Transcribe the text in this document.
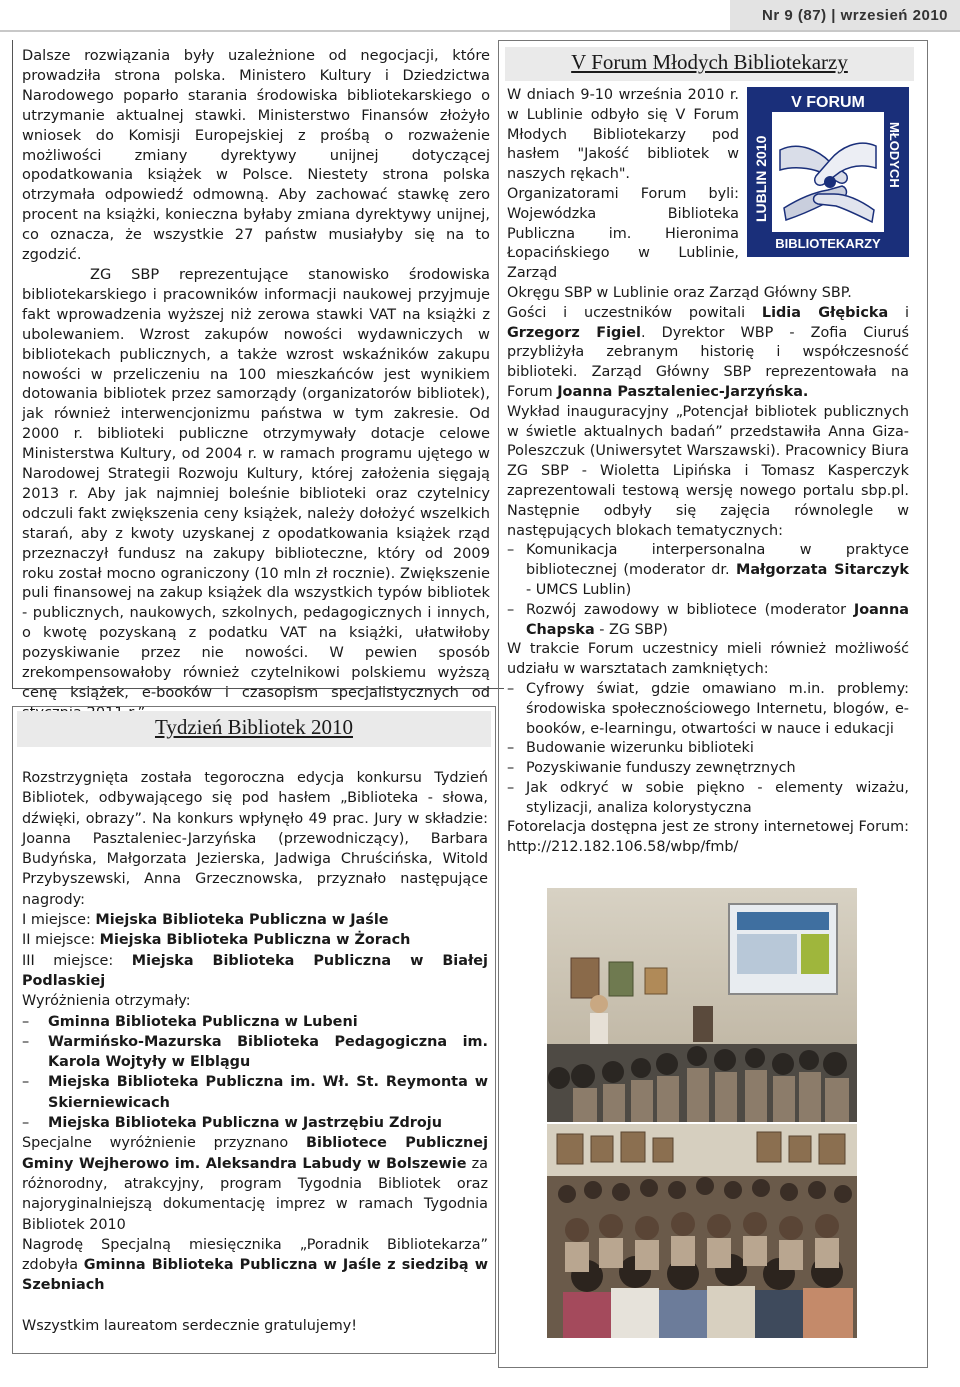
Nr 9 (87) | wrzesień 2010

Dalsze rozwiązania były uzależnione od negocjacji, które prowadziła strona polska. Ministero Kultury i Dziedzictwa Narodowego poparło starania środowiska bibliotekarskiego o utrzymanie aktualnej stawki. Ministerstwo Finansów złożyło wniosek do Komisji Europejskiej z prośbą o rozważenie możliwości zmiany dyrektywy unijnej dotyczącej opodatkowania książek w Polsce. Niestety strona polska otrzymała odpowiedź odmowną. Aby zachować stawkę zero procent na książki, konieczna byłaby zmiana dyrektywy unijnej, co oznacza, że wszystkie 27 państw musiałyby się na to zgodzić.

ZG SBP reprezentujące stanowisko środowiska bibliotekarskiego i pracowników informacji naukowej przyjmuje fakt wprowadzenia wyższej niż zerowa stawki VAT na książki z ubolewaniem. Wzrost zakupów nowości wydawniczych w bibliotekach publicznych, a także wzrost wskaźników zakupu nowości w przeliczeniu na 100 mieszkańców jest wynikiem dotowania bibliotek przez samorządy (organizatorów bibliotek), jak również interwencjonizmu państwa w tym zakresie. Od 2000 r. biblioteki publiczne otrzymywały dotacje celowe Ministerstwa Kultury, od 2004 r. w ramach programu ujętego w Narodowej Strategii Rozwoju Kultury, której założenia sięgają 2013 r. Aby jak najmniej boleśnie biblioteki oraz czytelnicy odczuli fakt zwiększenia ceny książek, należy dołożyć wszelkich starań, aby z kwoty uzyskanej z opodatkowania książek rząd przeznaczył fundusz na zakupy biblioteczne, który od 2009 roku został mocno ograniczony (10 mln zł rocznie). Zwiększenie puli finansowej na zakup książek dla wszystkich typów bibliotek - publicznych, naukowych, szkolnych, pedagogicznych i innych, o kwotę pozyskaną z podatku VAT na książki, ułatwiłoby pozyskiwanie przez nie nowości. W pewien sposób zrekompensowałoby również czytelnikowi polskiemu wyższą cenę książek, e-booków i czasopism specjalistycznych od

Tydzień Bibliotek 2010

Rozstrzygnięta została tegoroczna edycja konkursu Tydzień Bibliotek, odbywającego się pod hasłem „Biblioteka - słowa, dźwięki, obrazy”. Na konkurs wpłynęło 49 prac. Jury w składzie: Joanna Pasztaleniec-Jarzyńska (przewodniczący), Barbara Budyńska, Małgorzata Jezierska, Jadwiga Chruścińska, Witold Przybyszewski, Anna Grzecznowska, przyznało następujące nagrody:

I miejsce: Miejska Biblioteka Publiczna w Jaśle

II miejsce: Miejska Biblioteka Publiczna w Żorach

III miejsce: Miejska Biblioteka Publiczna w Białej Podlaskiej

Wyróżnienia otrzymały:

– Gminna Biblioteka Publiczna w Lubeni
– Warmińsko-Mazurska Biblioteka Pedagogiczna im. Karola Wojtyły w Elblągu
– Miejska Biblioteka Publiczna im. Wł. St. Reymonta w Skierniewicach
– Miejska Biblioteka Publiczna w Jastrzębiu Zdroju

Specjalne wyróżnienie przyznano Bibliotece Publicznej Gminy Wejherowo im. Aleksandra Labudy w Bolszewie za różnorodny, atrakcyjny, program Tygodnia Bibliotek oraz najoryginalniejszą dokumentację imprez w ramach Tygodnia Bibliotek 2010

Nagrodę Specjalną miesięcznika „Poradnik Bibliotekarza” zdobyła Gminna Biblioteka Publiczna w Jaśle z siedzibą w Szebniach

Wszystkim laureatom serdecznie gratulujemy!

V Forum Młodych Bibliotekarzy
V FORUM
LUBLIN 2010	MŁODYCH
BIBLIOTEKARZY

W dniach 9-10 września 2010 r. w Lublinie odbyło się V Forum Młodych Bibliotekarzy pod hasłem "Jakość bibliotek w naszych rękach".

Organizatorami Forum byli: Wojewódzka Biblioteka Publiczna im. Hieronima Łopacińskiego w Lublinie, Zarząd

Okręgu SBP w Lublinie oraz Zarząd Główny SBP.

Gości i uczestników powitali Lidia Głębicka i Grzegorz Figiel. Dyrektor WBP - Zofia Ciuruś przybliżyła zebranym historię i współczesność biblioteki. Zarząd Główny SBP reprezentowała na Forum Joanna Pasztaleniec-Jarzyńska.

Wykład inauguracyjny „Potencjał bibliotek publicznych w świetle aktualnych badań” przedstawiła Anna Giza-Poleszczuk (Uniwersytet Warszawski). Pracownicy Biura ZG SBP - Wioletta Lipińska i Tomasz Kasperczyk zaprezentowali testową wersję nowego portalu sbp.pl. Następnie odbyły się zajęcia równolegle w następujących blokach tematycznych:

– Komunikacja interpersonalna w praktyce bibliotecznej (moderator dr. Małgorzata Sitarczyk - UMCS Lublin)
– Rozwój zawodowy w bibliotece (moderator Joanna Chapska - ZG SBP)

W trakcie Forum uczestnicy mieli również możliwość udziału w warsztatach zamkniętych:

– Cyfrowy świat, gdzie omawiano m.in. problemy: środowiska społecznościowego Internetu, blogów, e-booków, e-learningu, otwartości w nauce i edukacji
– Budowanie wizerunku biblioteki
– Pozyskiwanie funduszy zewnętrznych
– Jak odkryć w sobie piękno - elementy wizażu, stylizacji, analiza kolorystyczna

Fotorelacja dostępna jest ze strony internetowej Forum: http://212.182.106.58/wbp/fmb/
